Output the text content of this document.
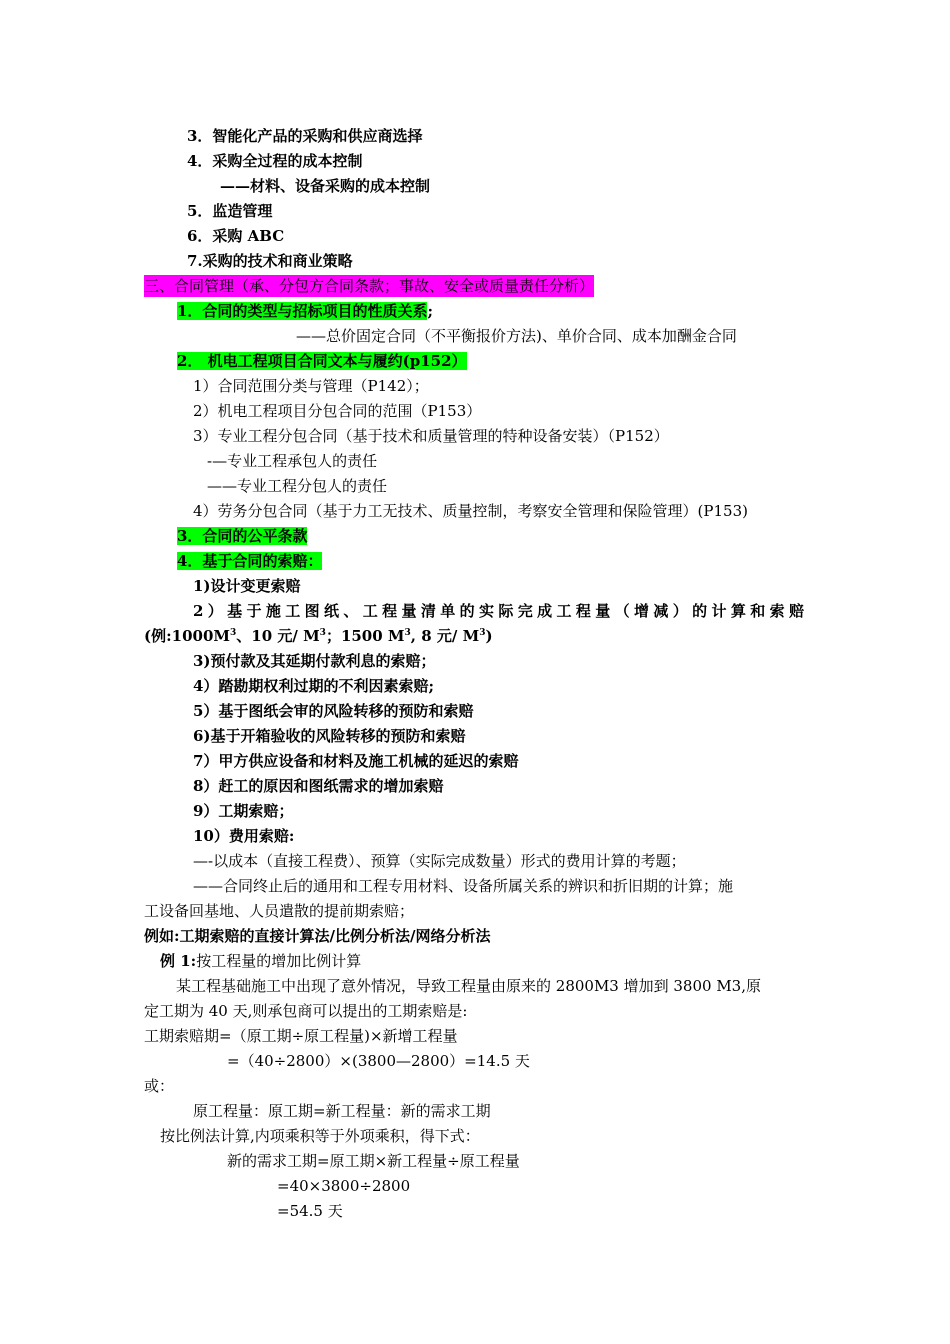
3．智能化产品的采购和供应商选择
4．采购全过程的成本控制
——材料、设备采购的成本控制
5．监造管理
6．采购 ABC
7.采购的技术和商业策略
三、合同管理（承、分包方合同条款；事故、安全或质量责任分析）
1．合同的类型与招标项目的性质关系;
——总价固定合同（不平衡报价方法)、单价合同、成本加酬金合同
2． 机电工程项目合同文本与履约(p152）
1）合同范围分类与管理（P142）；
2）机电工程项目分包合同的范围（P153）
3）专业工程分包合同（基于技术和质量管理的特种设备安装）（P152）
-—专业工程承包人的责任
——专业工程分包人的责任
4）劳务分包合同（基于力工无技术、质量控制，考察安全管理和保险管理）(P153)
3．合同的公平条款
4．基于合同的索赔：
1)设计变更索赔
2）基于施工图纸、工程量清单的实际完成工程量（增减）的计算和索赔
(例$:1000M^3$、10 元/ $M^3$；1500 $M^3$, 8 元/ $M^3$)
3)预付款及其延期付款利息的索赔；
4）踏勘期权利过期的不利因素索赔;
5）基于图纸会审的风险转移的预防和索赔
6)基于开箱验收的风险转移的预防和索赔
7）甲方供应设备和材料及施工机械的延迟的索赔
8）赶工的原因和图纸需求的增加索赔
9）工期索赔；
10）费用索赔:
—-以成本（直接工程费）、预算（实际完成数量）形式的费用计算的考题；
——合同终止后的通用和工程专用材料、设备所属关系的辨识和折旧期的计算；施
工设备回基地、人员遣散的提前期索赔；
例如:工期索赔的直接计算法/比例分析法/网络分析法
例 1:按工程量的增加比例计算
某工程基础施工中出现了意外情况，导致工程量由原来的 2800M3 增加到 3800 M3,原
定工期为 40 天,则承包商可以提出的工期索赔是:
工期索赔期=（原工期÷原工程量)×新增工程量
=（40÷2800）×(3800—2800）=14.5 天
或：
原工程量：原工期=新工程量：新的需求工期
按比例法计算,内项乘积等于外项乘积，得下式：
新的需求工期=原工期×新工程量÷原工程量
=40×3800÷2800
=54.5 天
